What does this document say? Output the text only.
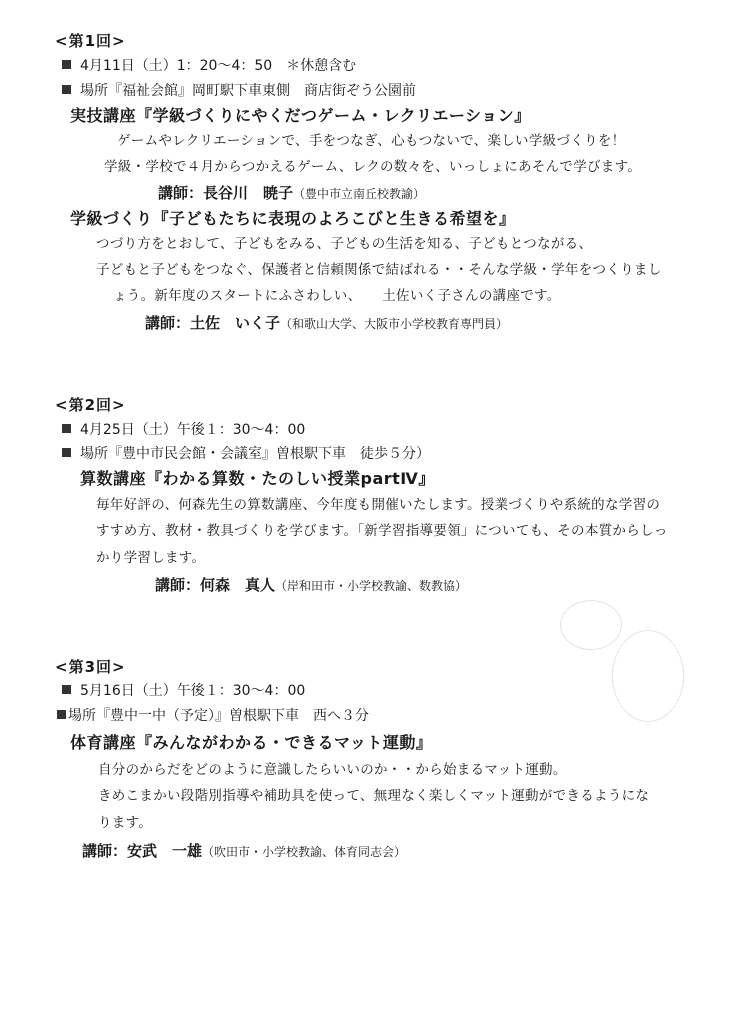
<第1回>
4月11日（土）1：20～4：50　＊休憩含む
場所『福祉会館』岡町駅下車東側　商店街ぞう公園前
実技講座『学級づくりにやくだつゲーム・レクリエーション』
ゲームやレクリエーションで、手をつなぎ、心もつないで、楽しい学級づくりを！
学級・学校で４月からつかえるゲーム、レクの数々を、いっしょにあそんで学びます。
講師：長谷川　暁子（豊中市立南丘校教諭）
学級づくり『子どもたちに表現のよろこびと生きる希望を』
つづり方をとおして、子どもをみる、子どもの生活を知る、子どもとつながる、
子どもと子どもをつなぐ、保護者と信頼関係で結ばれる・・そんな学級・学年をつくりまし
ょう。新年度のスタートにふさわしい、　　土佐いく子さんの講座です。
講師：土佐　いく子（和歌山大学、大阪市小学校教育専門員）
<第2回>
4月25日（土）午後１：30～4：00
場所『豊中市民会館・会議室』曽根駅下車　徒歩５分）
算数講座『わかる算数・たのしい授業partⅣ』
毎年好評の、何森先生の算数講座、今年度も開催いたします。授業づくりや系統的な学習の
すすめ方、教材・教具づくりを学びます。「新学習指導要領」についても、その本質からしっ
かり学習します。
講師：何森　真人（岸和田市・小学校教諭、数教協）
<第3回>
5月16日（土）午後１：30～4：00
場所『豊中一中（予定）』曽根駅下車　西へ３分
体育講座『みんながわかる・できるマット運動』
自分のからだをどのように意識したらいいのか・・から始まるマット運動。
きめこまかい段階別指導や補助具を使って、無理なく楽しくマット運動ができるようにな
ります。
講師：安武　一雄（吹田市・小学校教諭、体育同志会）
